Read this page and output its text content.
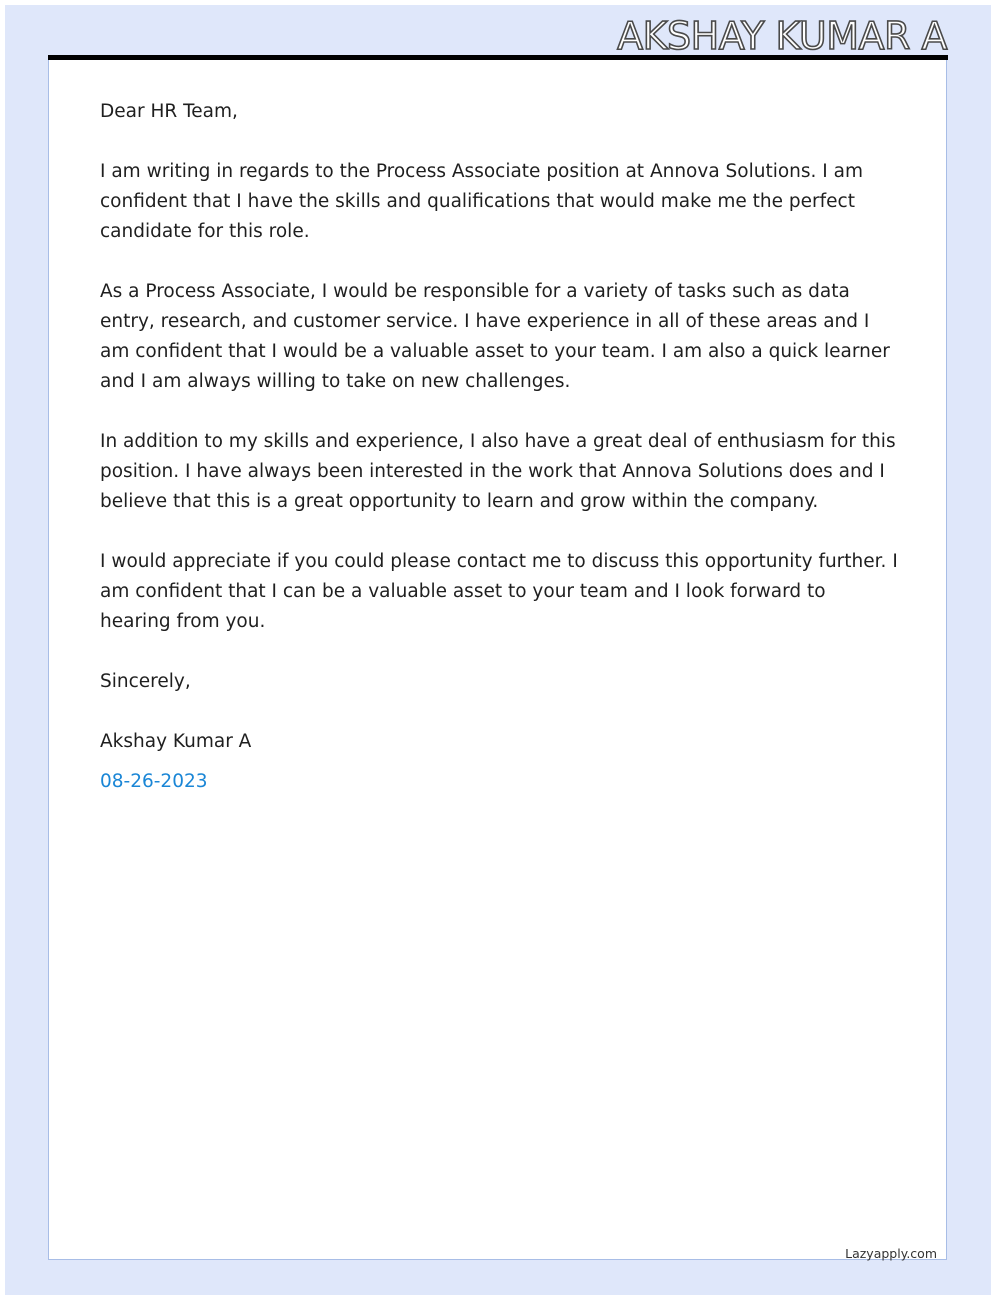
AKSHAY KUMAR A

Dear HR Team,

I am writing in regards to the Process Associate position at Annova Solutions. I am confident that I have the skills and qualifications that would make me the perfect candidate for this role.

As a Process Associate, I would be responsible for a variety of tasks such as data entry, research, and customer service. I have experience in all of these areas and I am confident that I would be a valuable asset to your team. I am also a quick learner and I am always willing to take on new challenges.

In addition to my skills and experience, I also have a great deal of enthusiasm for this position. I have always been interested in the work that Annova Solutions does and I believe that this is a great opportunity to learn and grow within the company.

I would appreciate if you could please contact me to discuss this opportunity further. I am confident that I can be a valuable asset to your team and I look forward to hearing from you.

Sincerely,

Akshay Kumar A

08-26-2023

Lazyapply.com
